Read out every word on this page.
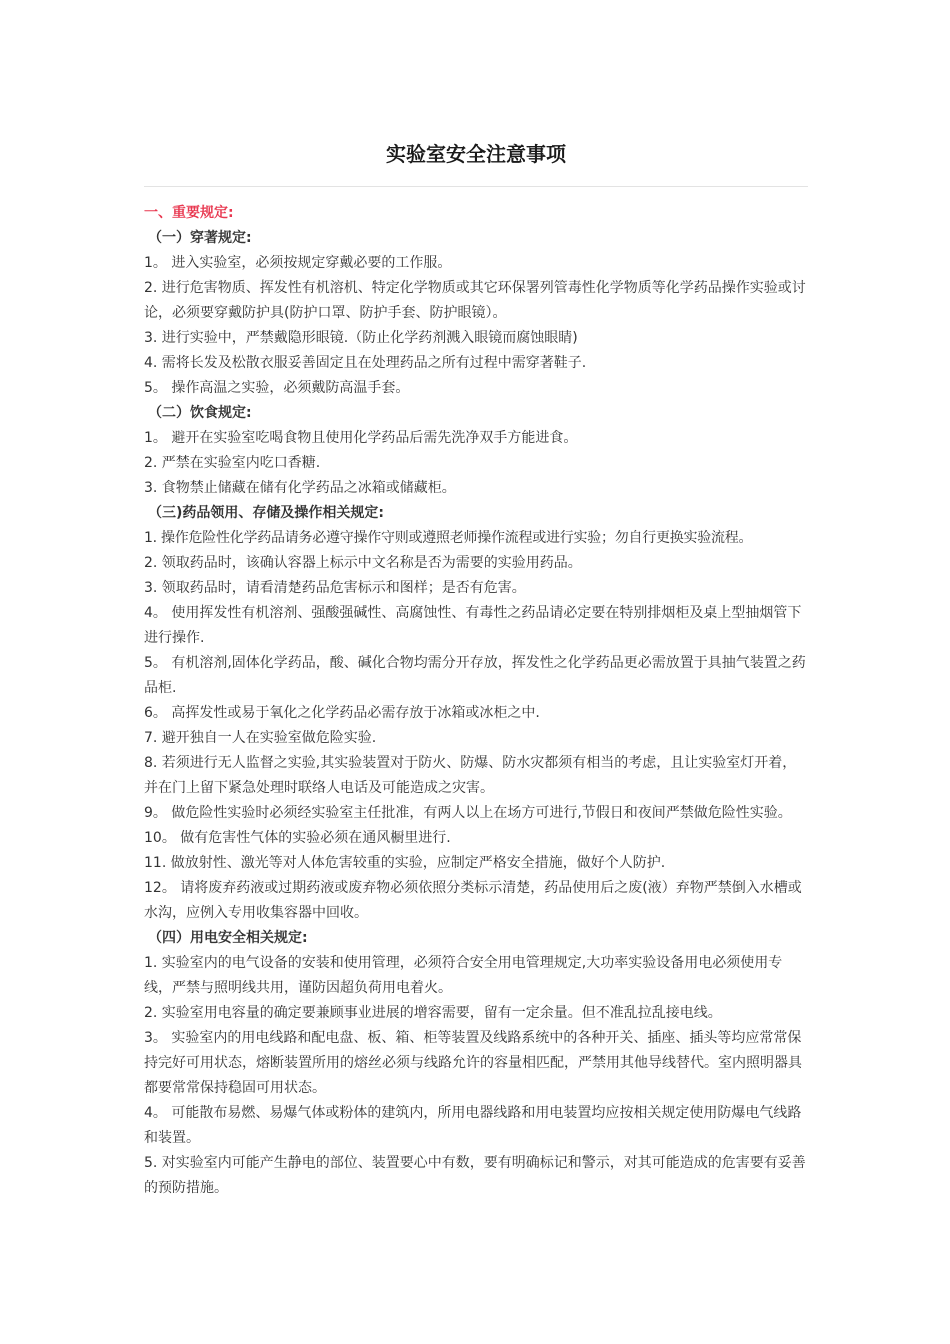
实验室安全注意事项

一、重要规定:

（一）穿著规定:

1。 进入实验室，必须按规定穿戴必要的工作服。

2. 进行危害物质、挥发性有机溶机、特定化学物质或其它环保署列管毒性化学物质等化学药品操作实验或讨论，必须要穿戴防护具(防护口罩、防护手套、防护眼镜）。

3. 进行实验中，严禁戴隐形眼镜.（防止化学药剂溅入眼镜而腐蚀眼睛)

4. 需将长发及松散衣服妥善固定且在处理药品之所有过程中需穿著鞋子.

5。 操作高温之实验，必须戴防高温手套。

（二）饮食规定:

1。 避开在实验室吃喝食物且使用化学药品后需先洗净双手方能进食。

2. 严禁在实验室内吃口香糖.

3. 食物禁止储藏在储有化学药品之冰箱或储藏柜。

（三)药品领用、存储及操作相关规定:

1. 操作危险性化学药品请务必遵守操作守则或遵照老师操作流程或进行实验；勿自行更换实验流程。

2. 领取药品时，该确认容器上标示中文名称是否为需要的实验用药品。

3. 领取药品时，请看清楚药品危害标示和图样；是否有危害。

4。 使用挥发性有机溶剂、强酸强碱性、高腐蚀性、有毒性之药品请必定要在特别排烟柜及桌上型抽烟管下进行操作.

5。 有机溶剂,固体化学药品，酸、碱化合物均需分开存放，挥发性之化学药品更必需放置于具抽气装置之药品柜.

6。 高挥发性或易于氧化之化学药品必需存放于冰箱或冰柜之中.

7. 避开独自一人在实验室做危险实验.

8. 若须进行无人监督之实验,其实验装置对于防火、防爆、防水灾都须有相当的考虑，且让实验室灯开着，并在门上留下紧急处理时联络人电话及可能造成之灾害。

9。 做危险性实验时必须经实验室主任批准，有两人以上在场方可进行,节假日和夜间严禁做危险性实验。

10。 做有危害性气体的实验必须在通风橱里进行.

11. 做放射性、激光等对人体危害较重的实验，应制定严格安全措施，做好个人防护.

12。 请将废弃药液或过期药液或废弃物必须依照分类标示清楚，药品使用后之废(液）弃物严禁倒入水槽或水沟，应例入专用收集容器中回收。

（四）用电安全相关规定:

1. 实验室内的电气设备的安装和使用管理，必须符合安全用电管理规定,大功率实验设备用电必须使用专线，严禁与照明线共用，谨防因超负荷用电着火。

2. 实验室用电容量的确定要兼顾事业进展的增容需要，留有一定余量。但不准乱拉乱接电线。

3。 实验室内的用电线路和配电盘、板、箱、柜等装置及线路系统中的各种开关、插座、插头等均应常常保持完好可用状态，熔断装置所用的熔丝必须与线路允许的容量相匹配，严禁用其他导线替代。室内照明器具都要常常保持稳固可用状态。

4。 可能散布易燃、易爆气体或粉体的建筑内，所用电器线路和用电装置均应按相关规定使用防爆电气线路和装置。

5. 对实验室内可能产生静电的部位、装置要心中有数，要有明确标记和警示，对其可能造成的危害要有妥善的预防措施。
